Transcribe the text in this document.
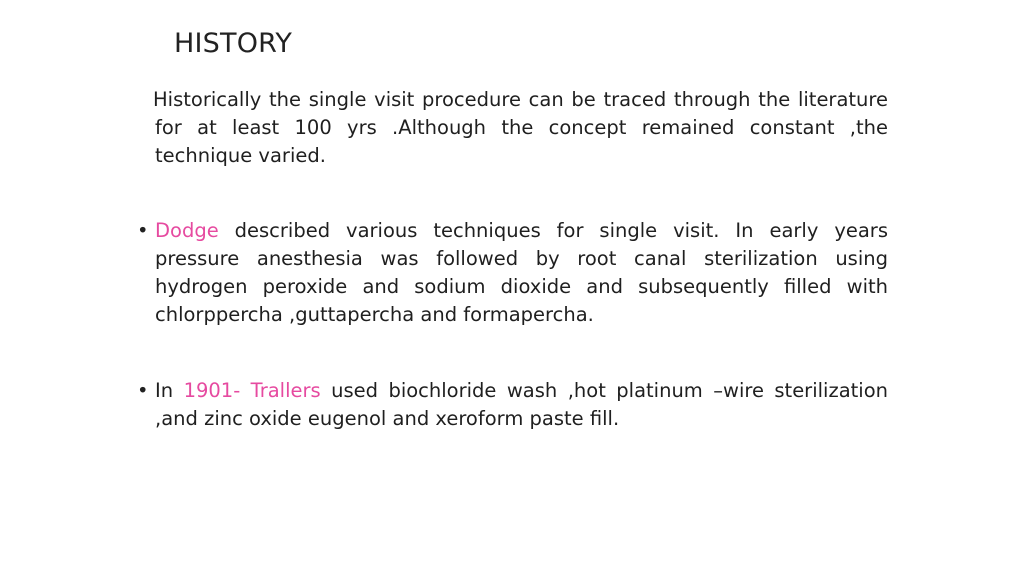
HISTORY

Historically the single visit procedure can be traced through the literature for at least 100 yrs .Although the concept remained constant ,the technique varied.

• Dodge described various techniques for single visit. In early years pressure anesthesia was followed by root canal sterilization using hydrogen peroxide and sodium dioxide and subsequently filled with chlorppercha ,guttapercha and formapercha.

• In 1901- Trallers used biochloride wash ,hot platinum –wire sterilization ,and zinc oxide eugenol and xeroform paste fill.
